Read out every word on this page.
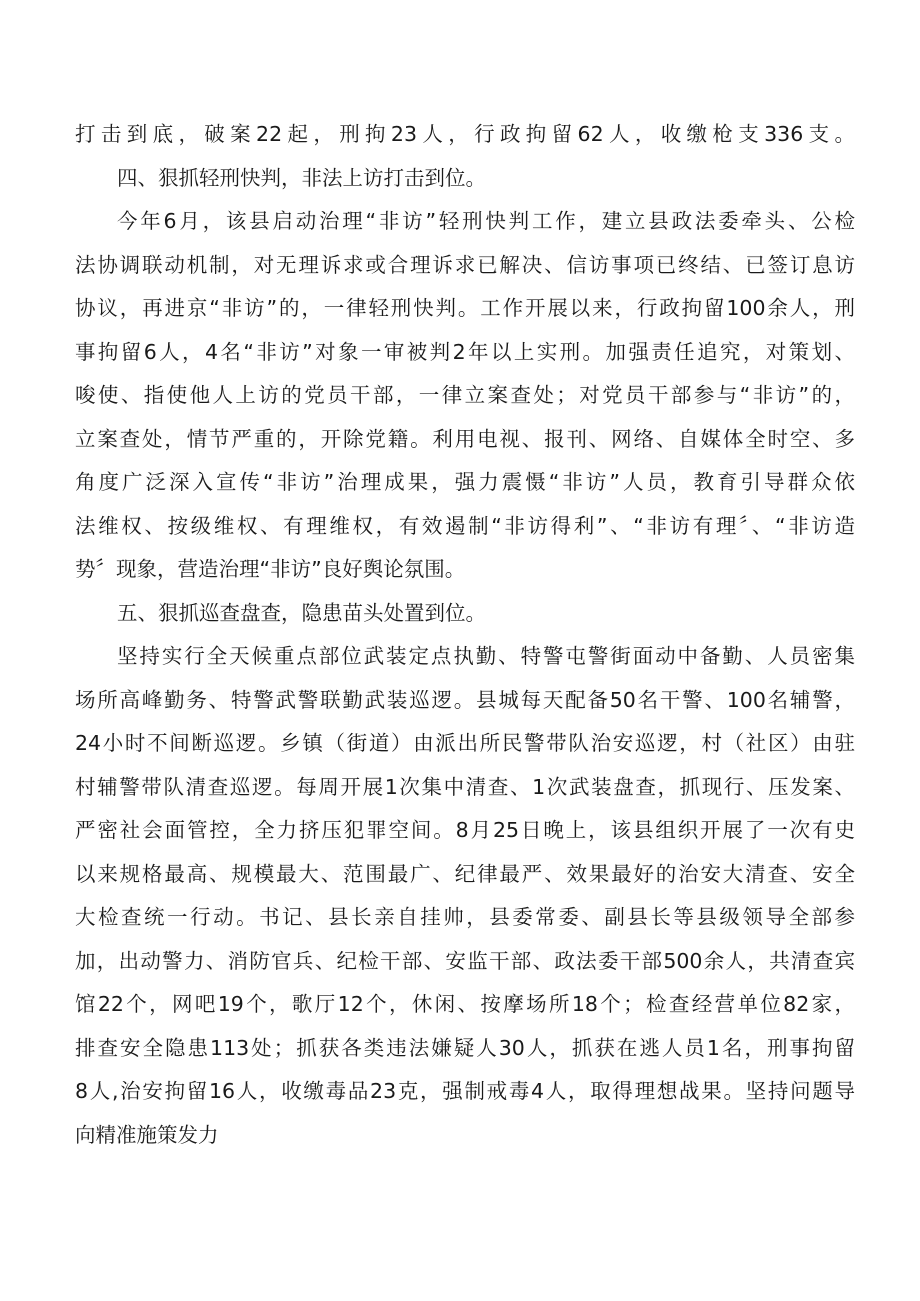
打击到底，破案22起，刑拘23人，行政拘留62人，收缴枪支336支。
四、狠抓轻刑快判，非法上访打击到位。
今年6月，该县启动治理“非访”轻刑快判工作，建立县政法委牵头、公检
法协调联动机制，对无理诉求或合理诉求已解决、信访事项已终结、已签订息访
协议，再进京“非访”的，一律轻刑快判。工作开展以来，行政拘留100余人，刑
事拘留6人，4名“非访”对象一审被判2年以上实刑。加强责任追究，对策划、
唆使、指使他人上访的党员干部，一律立案查处；对党员干部参与“非访”的，
立案查处，情节严重的，开除党籍。利用电视、报刊、网络、自媒体全时空、多
角度广泛深入宣传“非访”治理成果，强力震慑“非访”人员，教育引导群众依
法维权、按级维权、有理维权，有效遏制“非访得利”、“非访有理〞、“非访造
势〞现象，营造治理“非访”良好舆论氛围。
五、狠抓巡查盘查，隐患苗头处置到位。
坚持实行全天候重点部位武装定点执勤、特警屯警街面动中备勤、人员密集
场所高峰勤务、特警武警联勤武装巡逻。县城每天配备50名干警、100名辅警，
24小时不间断巡逻。乡镇（街道）由派出所民警带队治安巡逻，村（社区）由驻
村辅警带队清查巡逻。每周开展1次集中清查、1次武装盘查，抓现行、压发案、
严密社会面管控，全力挤压犯罪空间。8月25日晚上，该县组织开展了一次有史
以来规格最高、规模最大、范围最广、纪律最严、效果最好的治安大清查、安全
大检查统一行动。书记、县长亲自挂帅，县委常委、副县长等县级领导全部参
加，出动警力、消防官兵、纪检干部、安监干部、政法委干部500余人，共清查宾
馆22个，网吧19个，歌厅12个，休闲、按摩场所18个；检查经营单位82家，
排查安全隐患113处；抓获各类违法嫌疑人30人，抓获在逃人员1名，刑事拘留
8人,治安拘留16人，收缴毒品23克，强制戒毒4人，取得理想战果。坚持问题导
向精准施策发力
